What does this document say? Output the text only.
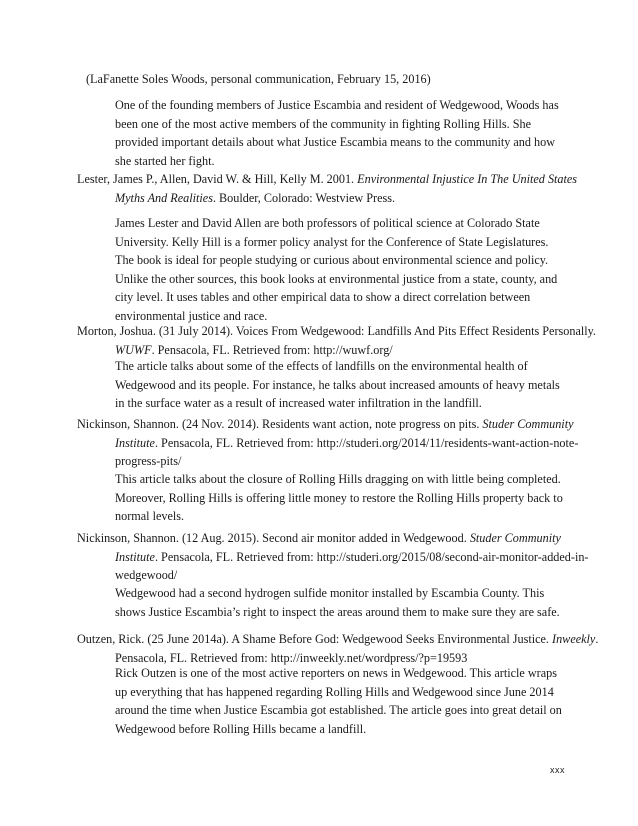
(LaFanette Soles Woods, personal communication, February 15, 2016)

One of the founding members of Justice Escambia and resident of Wedgewood, Woods has been one of the most active members of the community in fighting Rolling Hills. She provided important details about what Justice Escambia means to the community and how she started her fight.

Lester, James P., Allen, David W. & Hill, Kelly M. 2001. Environmental Injustice In The United States Myths And Realities. Boulder, Colorado: Westview Press.

James Lester and David Allen are both professors of political science at Colorado State University. Kelly Hill is a former policy analyst for the Conference of State Legislatures. The book is ideal for people studying or curious about environmental science and policy. Unlike the other sources, this book looks at environmental justice from a state, county, and city level. It uses tables and other empirical data to show a direct correlation between environmental justice and race.

Morton, Joshua. (31 July 2014). Voices From Wedgewood: Landfills And Pits Effect Residents Personally. WUWF. Pensacola, FL. Retrieved from: http://wuwf.org/

The article talks about some of the effects of landfills on the environmental health of Wedgewood and its people. For instance, he talks about increased amounts of heavy metals in the surface water as a result of increased water infiltration in the landfill.

Nickinson, Shannon. (24 Nov. 2014). Residents want action, note progress on pits. Studer Community Institute. Pensacola, FL. Retrieved from: http://studeri.org/2014/11/residents-want-action-note-progress-pits/

This article talks about the closure of Rolling Hills dragging on with little being completed. Moreover, Rolling Hills is offering little money to restore the Rolling Hills property back to normal levels.

Nickinson, Shannon. (12 Aug. 2015). Second air monitor added in Wedgewood. Studer Community Institute. Pensacola, FL. Retrieved from: http://studeri.org/2015/08/second-air-monitor-added-in-wedgewood/

Wedgewood had a second hydrogen sulfide monitor installed by Escambia County. This shows Justice Escambia’s right to inspect the areas around them to make sure they are safe.

Outzen, Rick. (25 June 2014a). A Shame Before God: Wedgewood Seeks Environmental Justice. Inweekly. Pensacola, FL. Retrieved from: http://inweekly.net/wordpress/?p=19593

Rick Outzen is one of the most active reporters on news in Wedgewood. This article wraps up everything that has happened regarding Rolling Hills and Wedgewood since June 2014 around the time when Justice Escambia got established. The article goes into great detail on Wedgewood before Rolling Hills became a landfill.

xxx
